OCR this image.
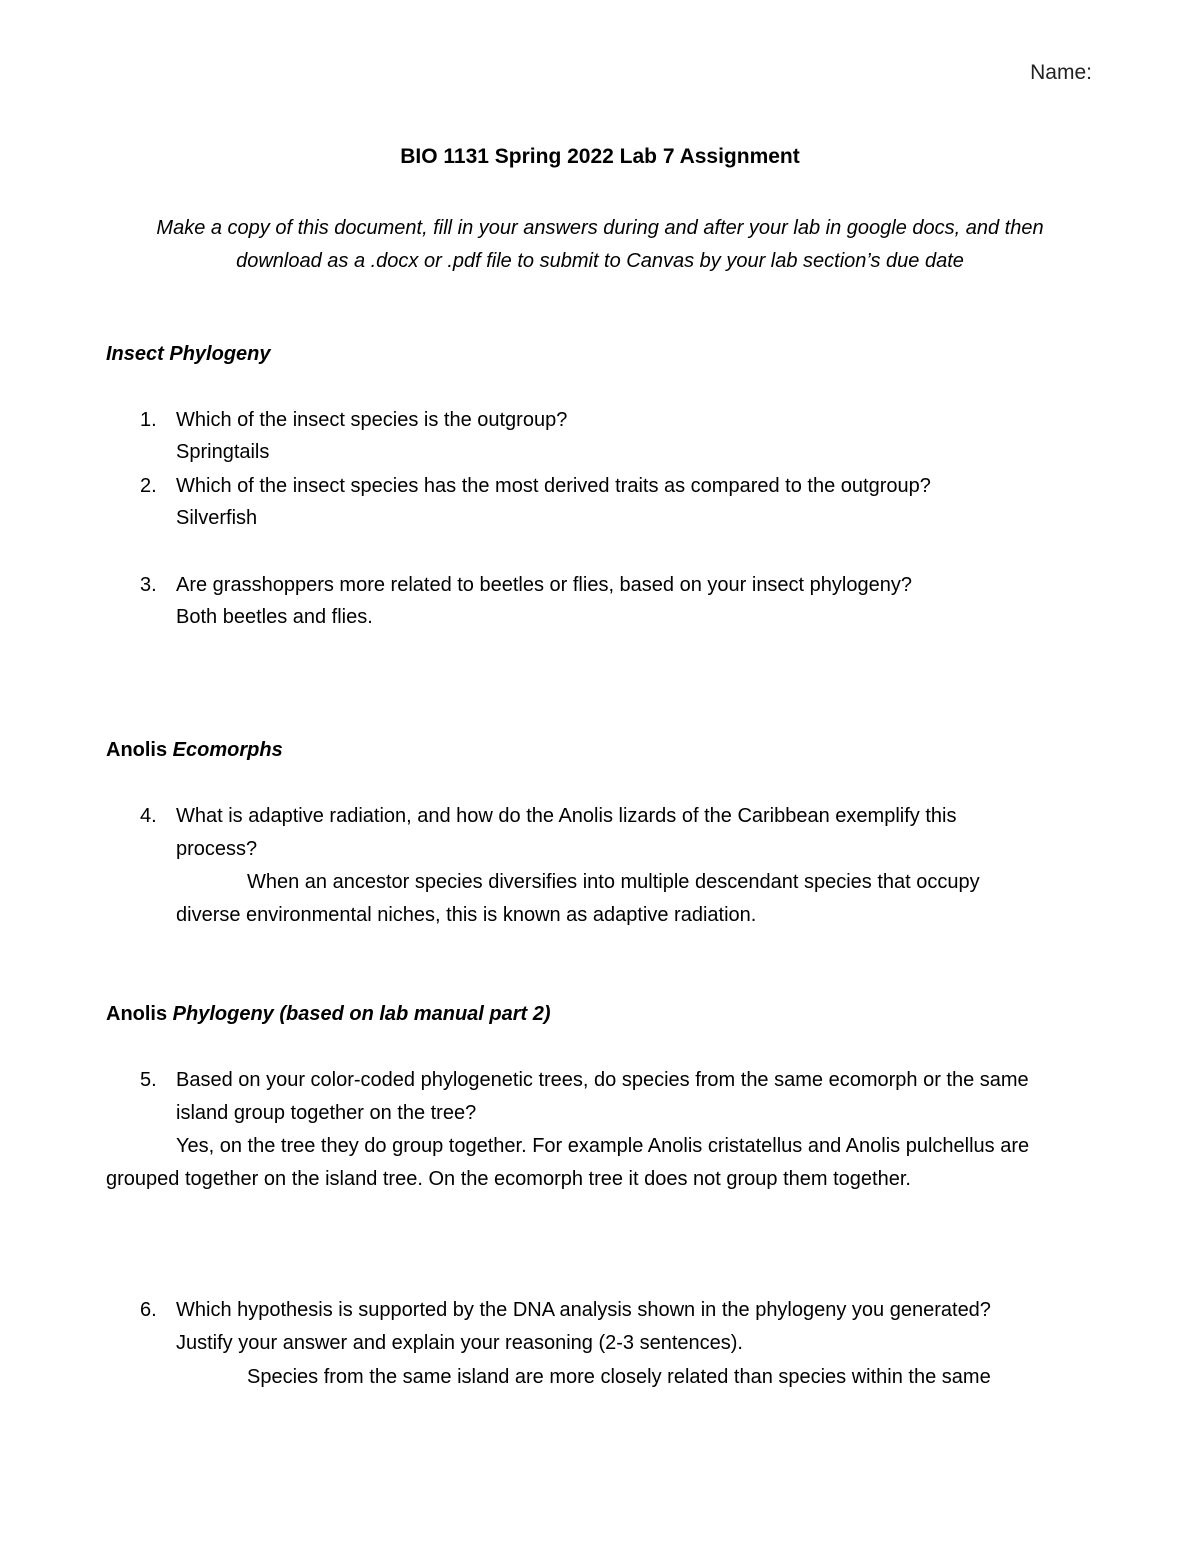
Name:
BIO 1131 Spring 2022 Lab 7 Assignment
Make a copy of this document, fill in your answers during and after your lab in google docs, and then
download as a .docx or .pdf file to submit to Canvas by your lab section’s due date
Insect Phylogeny
1. Which of the insect species is the outgroup?
Springtails
2. Which of the insect species has the most derived traits as compared to the outgroup?
Silverfish
3. Are grasshoppers more related to beetles or flies, based on your insect phylogeny?
Both beetles and flies.
Anolis Ecomorphs
4. What is adaptive radiation, and how do the Anolis lizards of the Caribbean exemplify this
process?
When an ancestor species diversifies into multiple descendant species that occupy
diverse environmental niches, this is known as adaptive radiation.
Anolis Phylogeny (based on lab manual part 2)
5. Based on your color-coded phylogenetic trees, do species from the same ecomorph or the same
island group together on the tree?
Yes, on the tree they do group together. For example Anolis cristatellus and Anolis pulchellus are
grouped together on the island tree. On the ecomorph tree it does not group them together.
6. Which hypothesis is supported by the DNA analysis shown in the phylogeny you generated?
Justify your answer and explain your reasoning (2-3 sentences).
Species from the same island are more closely related than species within the same
